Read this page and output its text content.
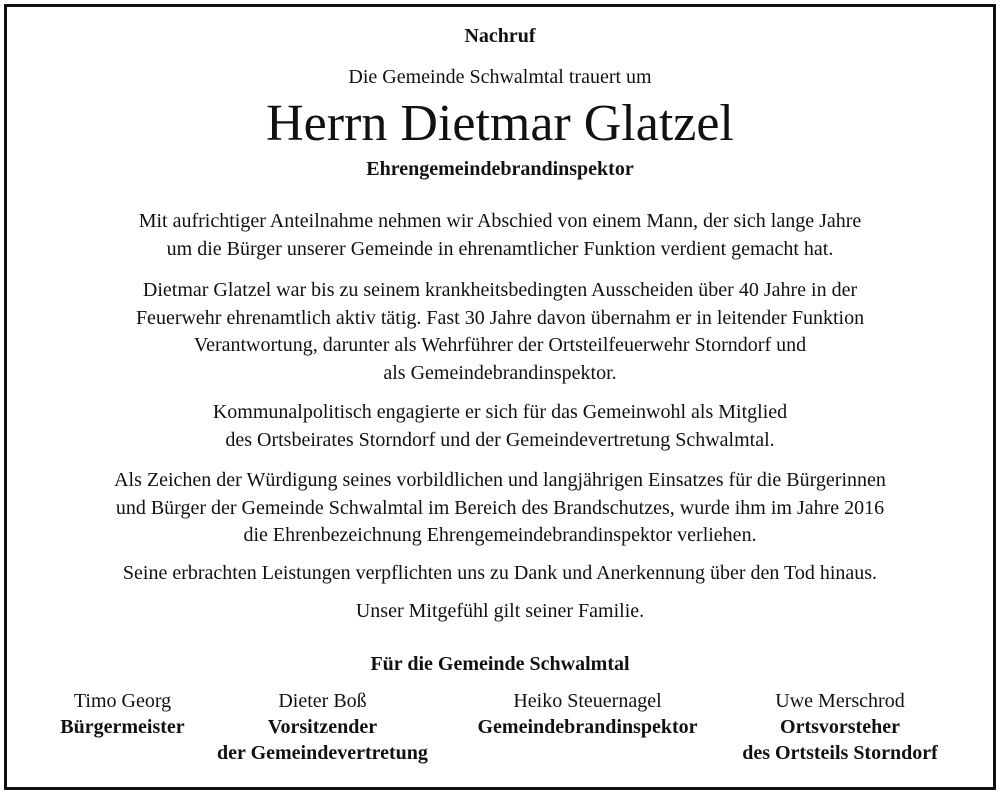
Nachruf
Die Gemeinde Schwalmtal trauert um
Herrn Dietmar Glatzel
Ehrengemeindebrandinspektor
Mit aufrichtiger Anteilnahme nehmen wir Abschied von einem Mann, der sich lange Jahre
um die Bürger unserer Gemeinde in ehrenamtlicher Funktion verdient gemacht hat.
Dietmar Glatzel war bis zu seinem krankheitsbedingten Ausscheiden über 40 Jahre in der
Feuerwehr ehrenamtlich aktiv tätig. Fast 30 Jahre davon übernahm er in leitender Funktion
Verantwortung, darunter als Wehrführer der Ortsteilfeuerwehr Storndorf und
als Gemeindebrandinspektor.
Kommunalpolitisch engagierte er sich für das Gemeinwohl als Mitglied
des Ortsbeirates Storndorf und der Gemeindevertretung Schwalmtal.
Als Zeichen der Würdigung seines vorbildlichen und langjährigen Einsatzes für die Bürgerinnen
und Bürger der Gemeinde Schwalmtal im Bereich des Brandschutzes, wurde ihm im Jahre 2016
die Ehrenbezeichnung Ehrengemeindebrandinspektor verliehen.
Seine erbrachten Leistungen verpflichten uns zu Dank und Anerkennung über den Tod hinaus.
Unser Mitgefühl gilt seiner Familie.
Für die Gemeinde Schwalmtal
Timo Georg
Bürgermeister
Dieter Boß
Vorsitzender
der Gemeindevertretung
Heiko Steuernagel
Gemeindebrandinspektor
Uwe Merschrod
Ortsvorsteher
des Ortsteils Storndorf
